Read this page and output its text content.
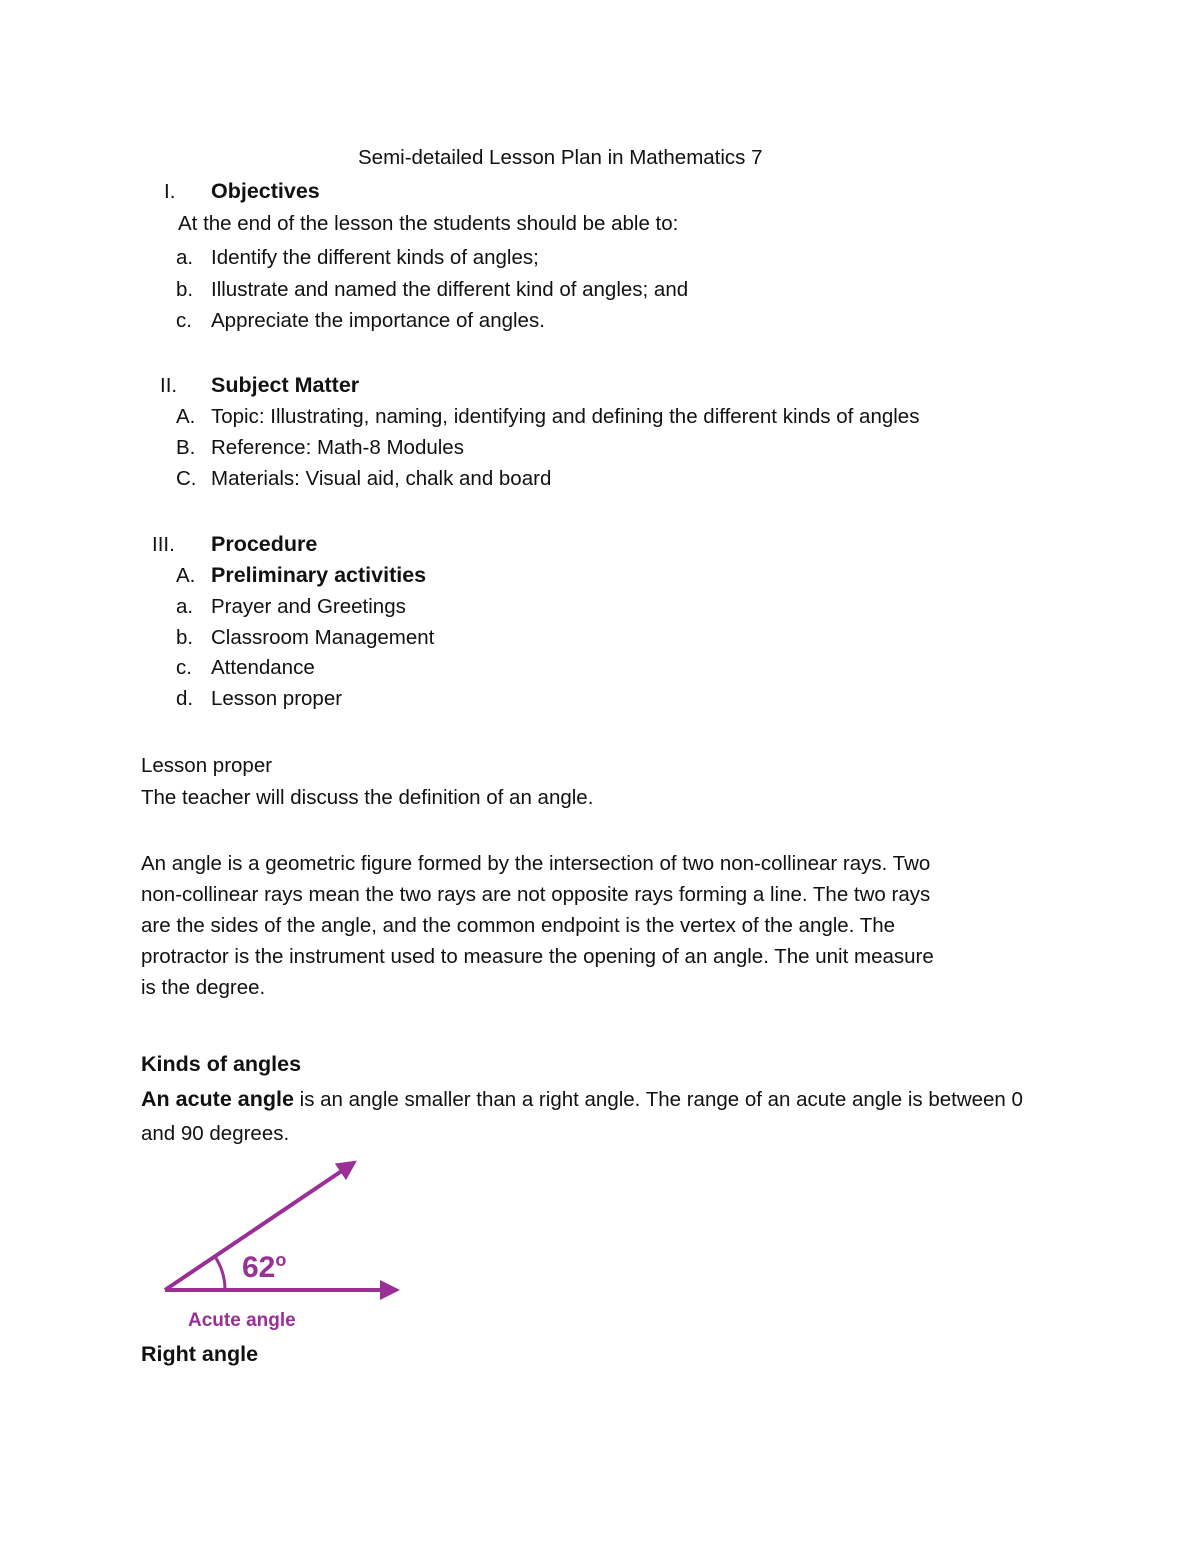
Semi-detailed Lesson Plan in Mathematics 7
I. Objectives
At the end of the lesson the students should be able to:
a. Identify the different kinds of angles;
b. Illustrate and named the different kind of angles; and
c. Appreciate the importance of angles.
II. Subject Matter
A. Topic: Illustrating, naming, identifying and defining the different kinds of angles
B. Reference: Math-8 Modules
C. Materials: Visual aid, chalk and board
III. Procedure
A. Preliminary activities
a. Prayer and Greetings
b. Classroom Management
c. Attendance
d. Lesson proper
Lesson proper
The teacher will discuss the definition of an angle.
An angle is a geometric figure formed by the intersection of two non-collinear rays. Two
non-collinear rays mean the two rays are not opposite rays forming a line. The two rays
are the sides of the angle, and the common endpoint is the vertex of the angle. The
protractor is the instrument used to measure the opening of an angle. The unit measure
is the degree.
Kinds of angles
An acute angle is an angle smaller than a right angle. The range of an acute angle is between 0
and 90 degrees.
62$^o$
Acute angle
Right angle
